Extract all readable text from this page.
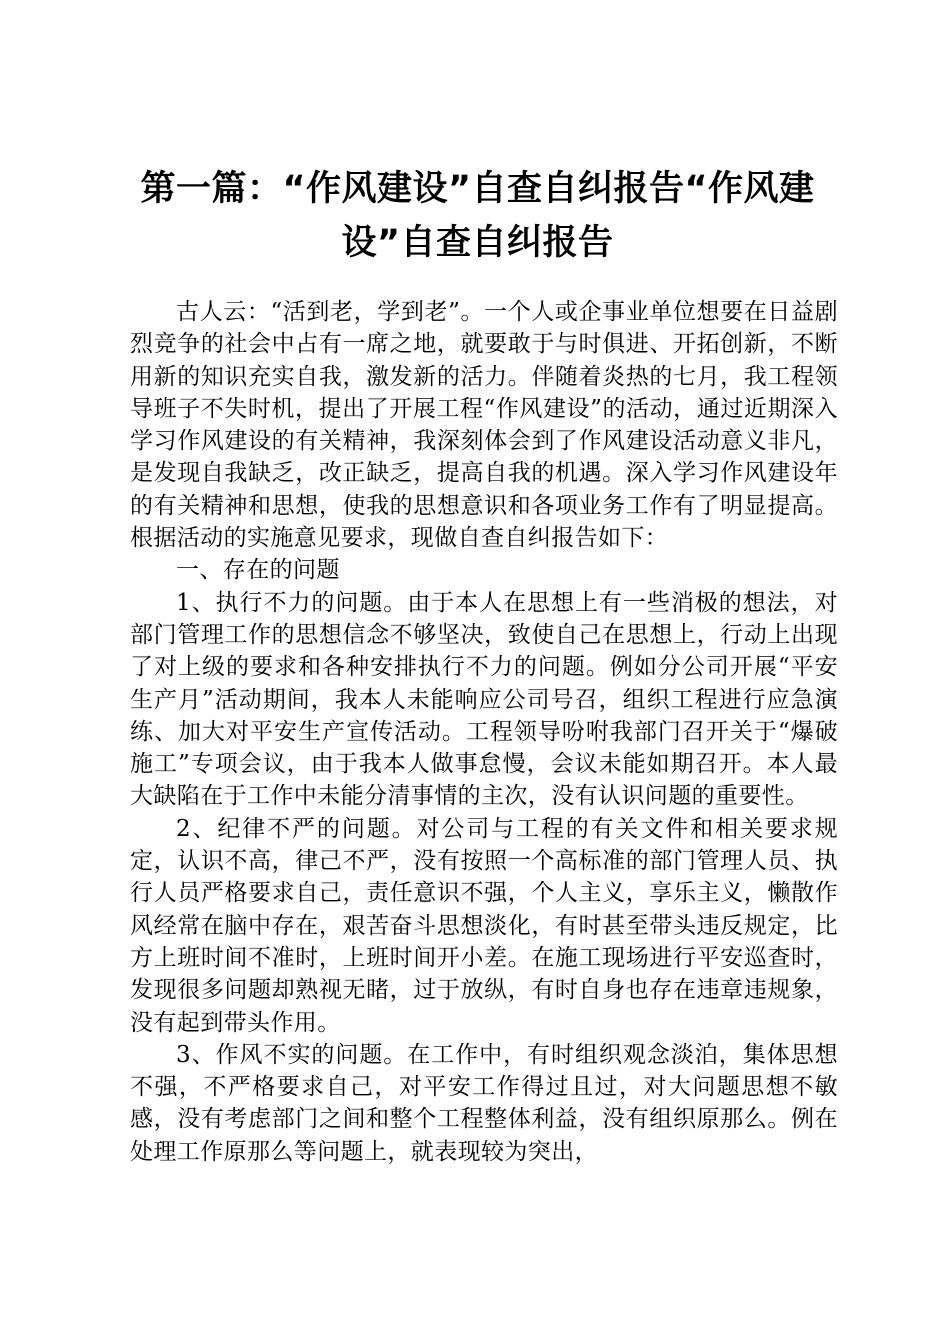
第一篇：“作风建设”自查自纠报告“作风建设”自查自纠报告

古人云：“活到老，学到老”。一个人或企事业单位想要在日益剧烈竞争的社会中占有一席之地，就要敢于与时俱进、开拓创新，不断用新的知识充实自我，激发新的活力。伴随着炎热的七月，我工程领导班子不失时机，提出了开展工程“作风建设”的活动，通过近期深入学习作风建设的有关精神，我深刻体会到了作风建设活动意义非凡，是发现自我缺乏，改正缺乏，提高自我的机遇。深入学习作风建设年的有关精神和思想，使我的思想意识和各项业务工作有了明显提高。根据活动的实施意见要求，现做自查自纠报告如下：

一、存在的问题

1、执行不力的问题。由于本人在思想上有一些消极的想法，对部门管理工作的思想信念不够坚决，致使自己在思想上，行动上出现了对上级的要求和各种安排执行不力的问题。例如分公司开展“平安生产月”活动期间，我本人未能响应公司号召，组织工程进行应急演练、加大对平安生产宣传活动。工程领导吩咐我部门召开关于“爆破施工”专项会议，由于我本人做事怠慢，会议未能如期召开。本人最大缺陷在于工作中未能分清事情的主次，没有认识问题的重要性。

2、纪律不严的问题。对公司与工程的有关文件和相关要求规定，认识不高，律己不严，没有按照一个高标准的部门管理人员、执行人员严格要求自己，责任意识不强，个人主义，享乐主义，懒散作风经常在脑中存在，艰苦奋斗思想淡化，有时甚至带头违反规定，比方上班时间不准时，上班时间开小差。在施工现场进行平安巡查时，发现很多问题却熟视无睹，过于放纵，有时自身也存在违章违规象，没有起到带头作用。

3、作风不实的问题。在工作中，有时组织观念淡泊，集体思想不强，不严格要求自己，对平安工作得过且过，对大问题思想不敏感，没有考虑部门之间和整个工程整体利益，没有组织原那么。例在处理工作原那么等问题上，就表现较为突出，
